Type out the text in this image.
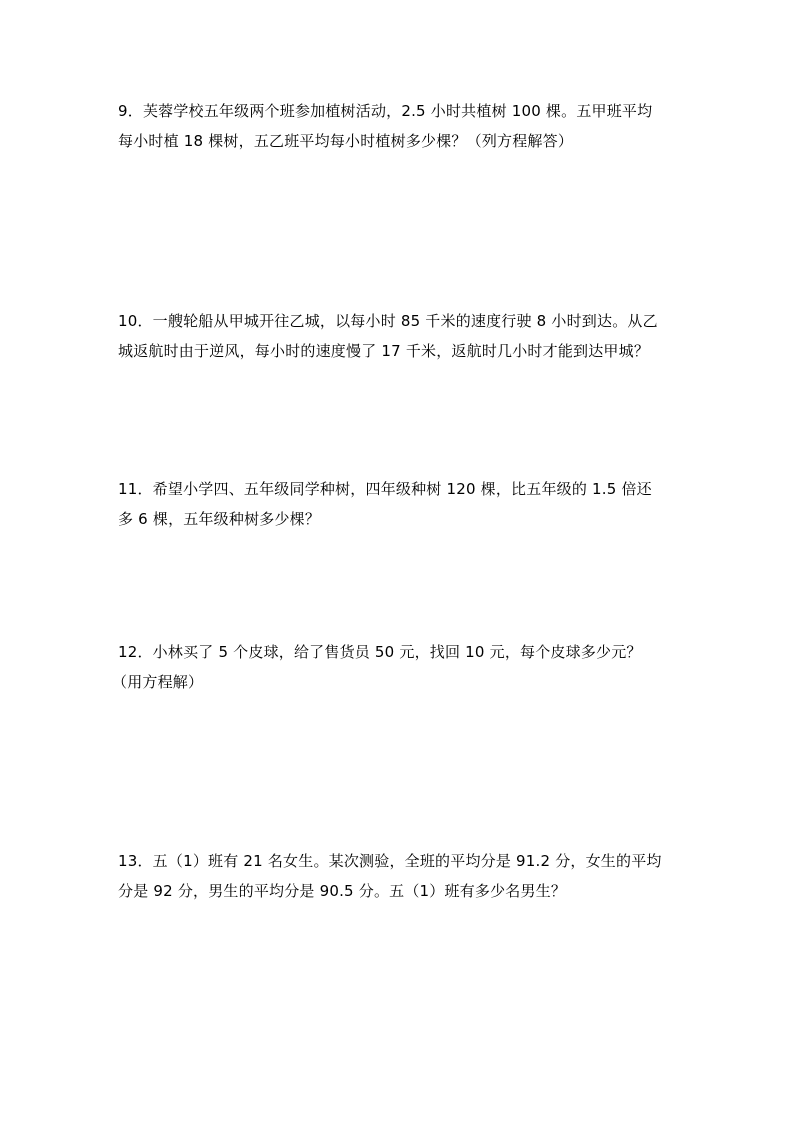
9．芙蓉学校五年级两个班参加植树活动，2.5 小时共植树 100 棵。五甲班平均
每小时植 18 棵树，五乙班平均每小时植树多少棵？（列方程解答）
10．一艘轮船从甲城开往乙城，以每小时 85 千米的速度行驶 8 小时到达。从乙
城返航时由于逆风，每小时的速度慢了 17 千米，返航时几小时才能到达甲城？
11．希望小学四、五年级同学种树，四年级种树 120 棵，比五年级的 1.5 倍还
多 6 棵，五年级种树多少棵？
12．小林买了 5 个皮球，给了售货员 50 元，找回 10 元，每个皮球多少元？
（用方程解）
13．五（1）班有 21 名女生。某次测验，全班的平均分是 91.2 分，女生的平均
分是 92 分，男生的平均分是 90.5 分。五（1）班有多少名男生？
